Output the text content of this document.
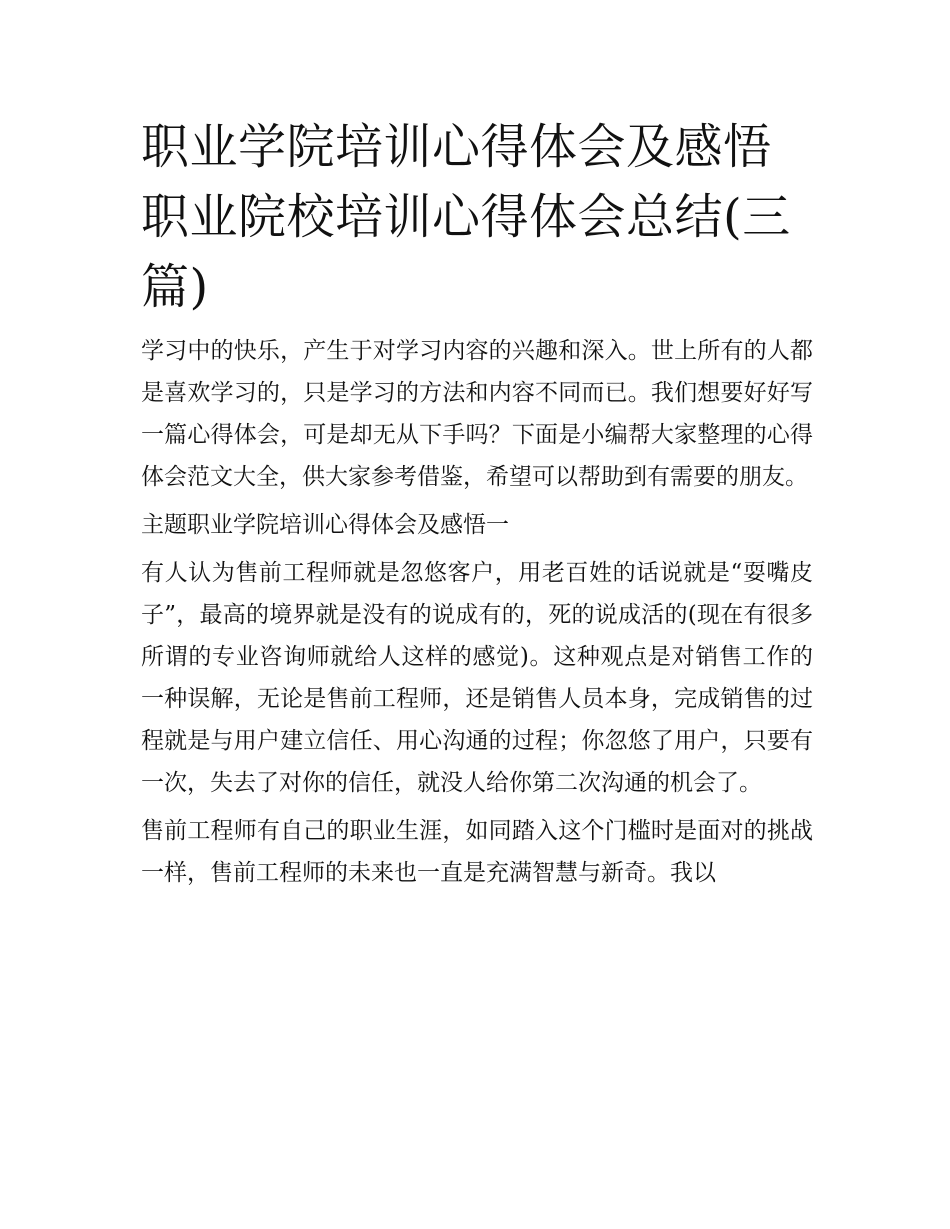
职业学院培训心得体会及感悟职业院校培训心得体会总结(三篇)

学习中的快乐，产生于对学习内容的兴趣和深入。世上所有的人都是喜欢学习的，只是学习的方法和内容不同而已。我们想要好好写一篇心得体会，可是却无从下手吗？下面是小编帮大家整理的心得体会范文大全，供大家参考借鉴，希望可以帮助到有需要的朋友。

主题职业学院培训心得体会及感悟一

有人认为售前工程师就是忽悠客户，用老百姓的话说就是“耍嘴皮子”，最高的境界就是没有的说成有的，死的说成活的(现在有很多所谓的专业咨询师就给人这样的感觉)。这种观点是对销售工作的一种误解，无论是售前工程师，还是销售人员本身，完成销售的过程就是与用户建立信任、用心沟通的过程；你忽悠了用户，只要有一次，失去了对你的信任，就没人给你第二次沟通的机会了。

售前工程师有自己的职业生涯，如同踏入这个门槛时是面对的挑战一样，售前工程师的未来也一直是充满智慧与新奇。我以
